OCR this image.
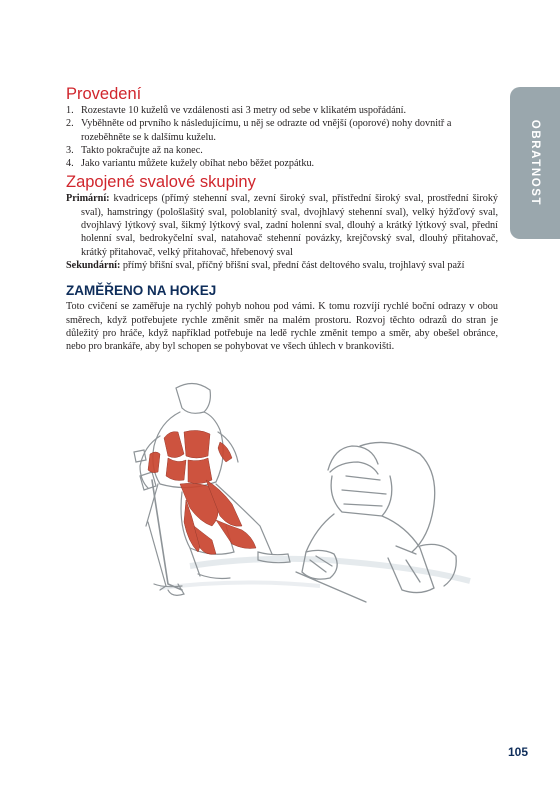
OBRATNOST
Provedení
1. Rozestavte 10 kuželů ve vzdálenosti asi 3 metry od sebe v klikatém uspořádání.
2. Vyběhněte od prvního k následujícímu, u něj se odrazte od vnější (oporové) nohy dovnitř a rozeběhněte se k dalšímu kuželu.
3. Takto pokračujte až na konec.
4. Jako variantu můžete kužely obíhat nebo běžet pozpátku.
Zapojené svalové skupiny

Primární: kvadriceps (přímý stehenní sval, zevní široký sval, přístřední široký sval, prostřední široký sval), hamstringy (pološlašitý sval, poloblanitý sval, dvojhlavý stehenní sval), velký hýžďový sval, dvojhlavý lýtkový sval, šikmý lýtkový sval, zadní holenní sval, dlouhý a krátký lýtkový sval, přední holenní sval, bedrokyčelní sval, natahovač stehenní povázky, krejčovský sval, dlouhý přitahovač, krátký přitahovač, velký přitahovač, hřebenový sval

Sekundární: přímý břišní sval, příčný břišní sval, přední část deltového svalu, trojhlavý sval paží

ZAMĚŘENO NA HOKEJ

Toto cvičení se zaměřuje na rychlý pohyb nohou pod vámi. K tomu rozvíjí rychlé boční odrazy v obou směrech, když potřebujete rychle změnit směr na malém prostoru. Rozvoj těchto odrazů do stran je důležitý pro hráče, když například potřebuje na ledě rychle změnit tempo a směr, aby obešel obránce, nebo pro brankáře, aby byl schopen se pohybovat ve všech úhlech v brankovišti.

105
